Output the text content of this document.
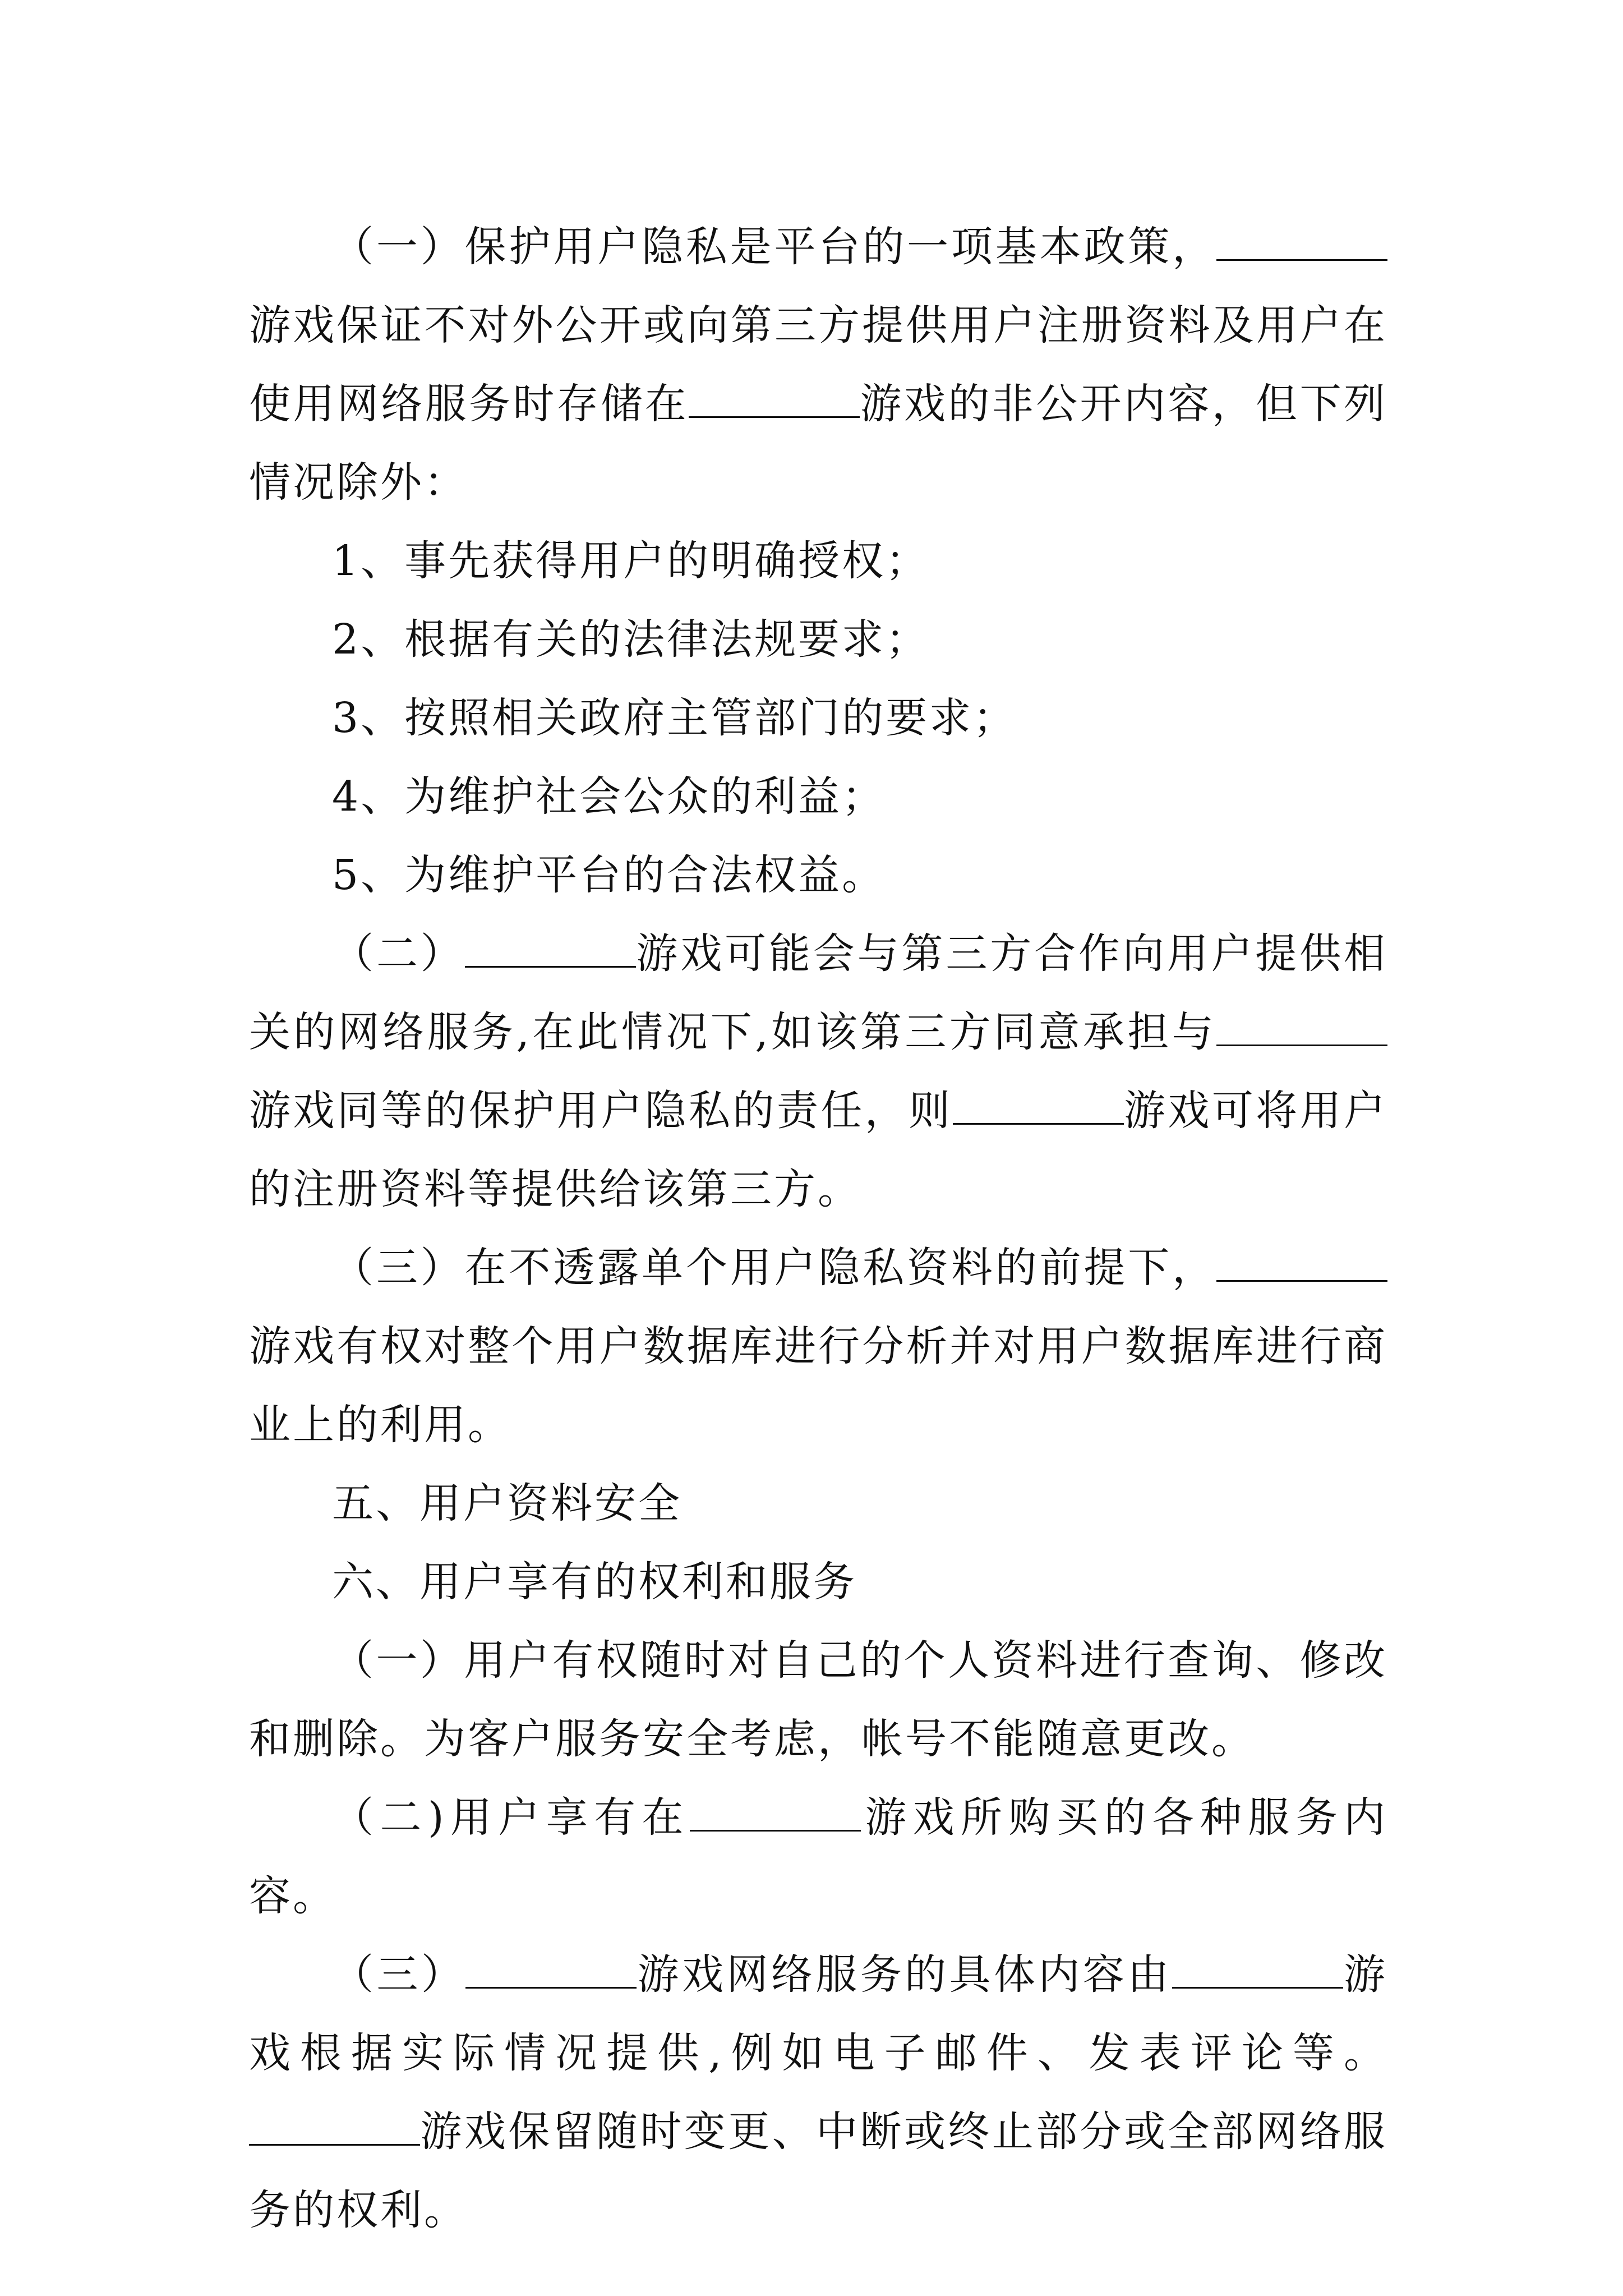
（一）保护用户隐私是平台的一项基本政策，游戏保证不对外公开或向第三方提供用户注册资料及用户在使用网络服务时存储在	游戏的非公开内容，但下列情况除外：

1、事先获得用户的明确授权；

2、根据有关的法律法规要求；

3、按照相关政府主管部门的要求；

4、为维护社会公众的利益；

5、为维护平台的合法权益。

（二）	游戏可能会与第三方合作向用户提供相关的网络服务,在此情况下,如该第三方同意承担与游戏同等的保护用户隐私的责任，则	游戏可将用户的注册资料等提供给该第三方。

（三）在不透露单个用户隐私资料的前提下，游戏有权对整个用户数据库进行分析并对用户数据库进行商业上的利用。

五、用户资料安全

六、用户享有的权利和服务

（一）用户有权随时对自己的个人资料进行查询、修改和删除。为客户服务安全考虑，帐号不能随意更改。

（二)用户享有在	游戏所购买的各种服务内容。

（三）	游戏网络服务的具体内容由	游戏根据实际情况提供,例如电子邮件、发表评论等。游戏保留随时变更、中断或终止部分或全部网络服务的权利。
